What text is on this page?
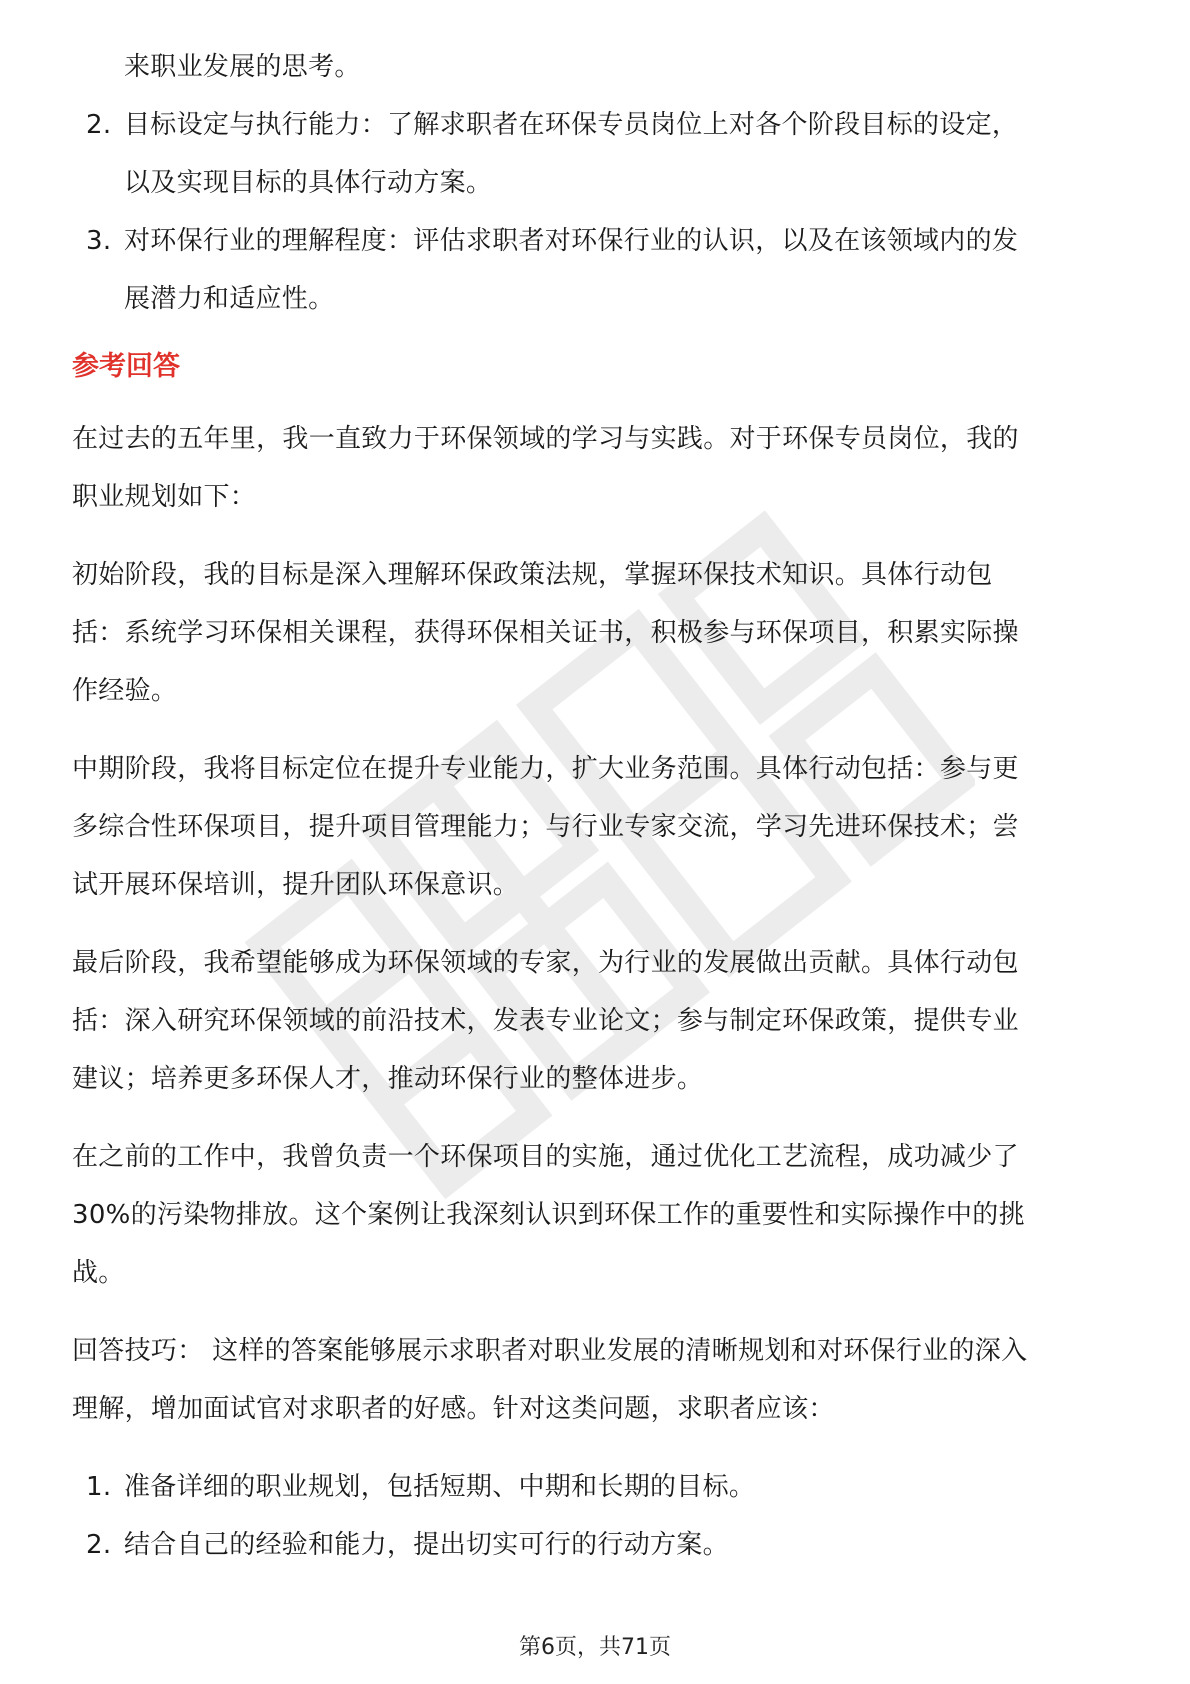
来职业发展的思考。
2. 目标设定与执行能力：了解求职者在环保专员岗位上对各个阶段目标的设定，
以及实现目标的具体行动方案。
3. 对环保行业的理解程度：评估求职者对环保行业的认识，以及在该领域内的发
展潜力和适应性。
参考回答
在过去的五年里，我一直致力于环保领域的学习与实践。对于环保专员岗位，我的
职业规划如下：
初始阶段，我的目标是深入理解环保政策法规，掌握环保技术知识。具体行动包
括：系统学习环保相关课程，获得环保相关证书，积极参与环保项目，积累实际操
作经验。
中期阶段，我将目标定位在提升专业能力，扩大业务范围。具体行动包括：参与更
多综合性环保项目，提升项目管理能力；与行业专家交流，学习先进环保技术；尝
试开展环保培训，提升团队环保意识。
最后阶段，我希望能够成为环保领域的专家，为行业的发展做出贡献。具体行动包
括：深入研究环保领域的前沿技术，发表专业论文；参与制定环保政策，提供专业
建议；培养更多环保人才，推动环保行业的整体进步。
在之前的工作中，我曾负责一个环保项目的实施，通过优化工艺流程，成功减少了
30%的污染物排放。这个案例让我深刻认识到环保工作的重要性和实际操作中的挑
战。
回答技巧： 这样的答案能够展示求职者对职业发展的清晰规划和对环保行业的深入
理解，增加面试官对求职者的好感。针对这类问题，求职者应该：
1. 准备详细的职业规划，包括短期、中期和长期的目标。
2. 结合自己的经验和能力，提出切实可行的行动方案。
第6页，共71页
